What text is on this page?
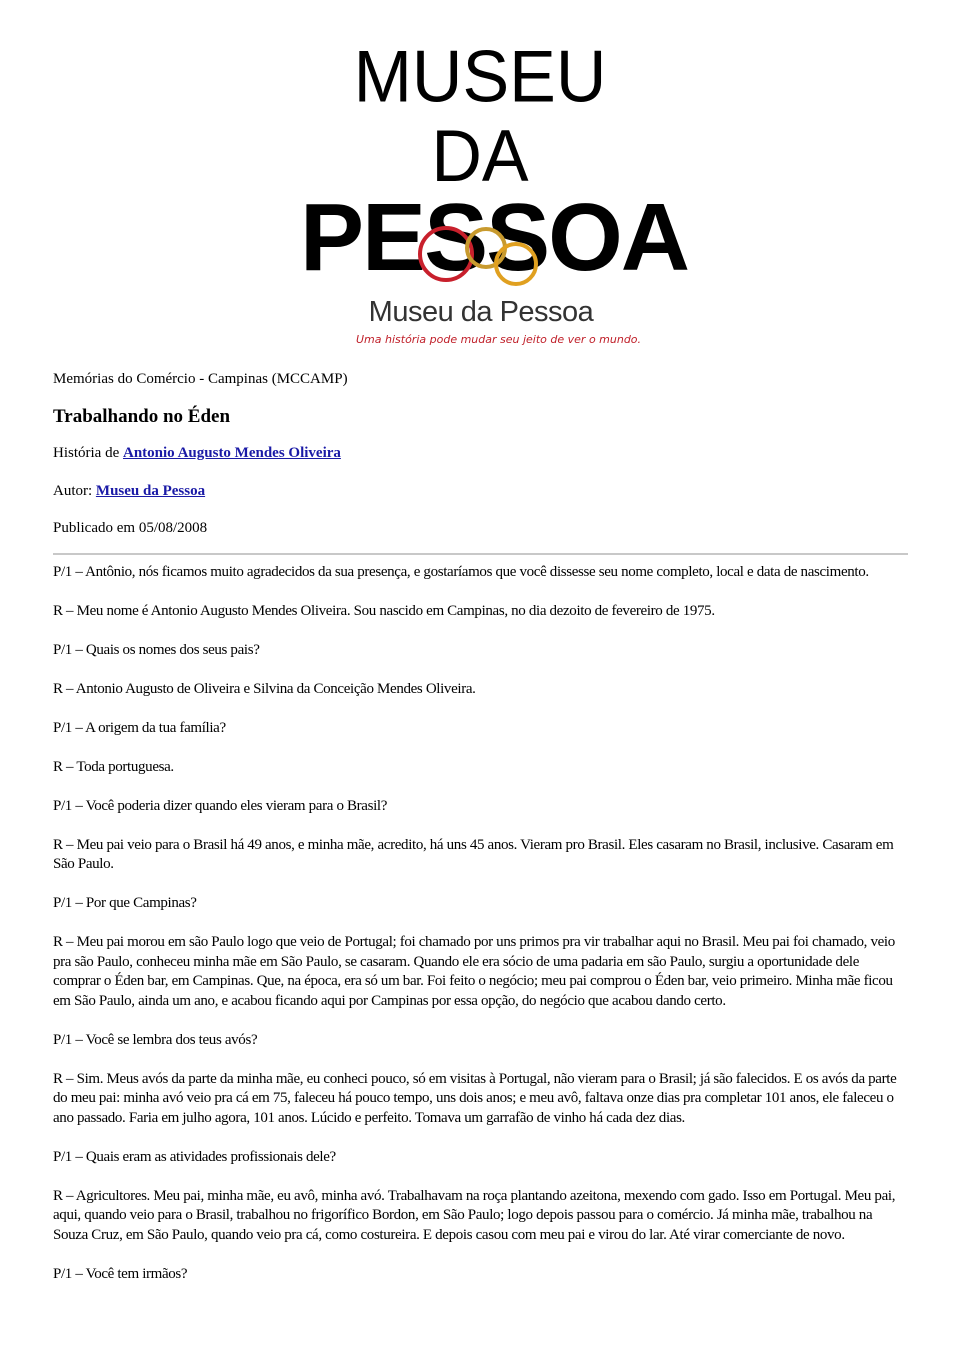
MUSEU DA
PESSOA
Museu da Pessoa
Uma história pode mudar seu jeito de ver o mundo.

Memórias do Comércio - Campinas (MCCAMP)

Trabalhando no Éden

História de Antonio Augusto Mendes Oliveira

Autor: Museu da Pessoa

Publicado em 05/08/2008

P/1 – Antônio, nós ficamos muito agradecidos da sua presença, e gostaríamos que você dissesse seu nome completo, local e data de nascimento.

R – Meu nome é Antonio Augusto Mendes Oliveira. Sou nascido em Campinas, no dia dezoito de fevereiro de 1975.

P/1 – Quais os nomes dos seus pais?

R – Antonio Augusto de Oliveira e Silvina da Conceição Mendes Oliveira.

P/1 – A origem da tua família?

R – Toda portuguesa.

P/1 – Você poderia dizer quando eles vieram para o Brasil?

R – Meu pai veio para o Brasil há 49 anos, e minha mãe, acredito, há uns 45 anos. Vieram pro Brasil. Eles casaram no Brasil, inclusive. Casaram em São Paulo.

P/1 – Por que Campinas?

R – Meu pai morou em são Paulo logo que veio de Portugal; foi chamado por uns primos pra vir trabalhar aqui no Brasil. Meu pai foi chamado, veio pra são Paulo, conheceu minha mãe em São Paulo, se casaram. Quando ele era sócio de uma padaria em são Paulo, surgiu a oportunidade dele comprar o Éden bar, em Campinas. Que, na época, era só um bar. Foi feito o negócio; meu pai comprou o Éden bar, veio primeiro. Minha mãe ficou em São Paulo, ainda um ano, e acabou ficando aqui por Campinas por essa opção, do negócio que acabou dando certo.

P/1 – Você se lembra dos teus avós?

R – Sim. Meus avós da parte da minha mãe, eu conheci pouco, só em visitas à Portugal, não vieram para o Brasil; já são falecidos. E os avós da parte do meu pai: minha avó veio pra cá em 75, faleceu há pouco tempo, uns dois anos; e meu avô, faltava onze dias pra completar 101 anos, ele faleceu o ano passado. Faria em julho agora, 101 anos. Lúcido e perfeito. Tomava um garrafão de vinho há cada dez dias.

P/1 – Quais eram as atividades profissionais dele?

R – Agricultores. Meu pai, minha mãe, eu avô, minha avó. Trabalhavam na roça plantando azeitona, mexendo com gado. Isso em Portugal. Meu pai, aqui, quando veio para o Brasil, trabalhou no frigorífico Bordon, em São Paulo; logo depois passou para o comércio. Já minha mãe, trabalhou na Souza Cruz, em São Paulo, quando veio pra cá, como costureira. E depois casou com meu pai e virou do lar. Até virar comerciante de novo.

P/1 – Você tem irmãos?
